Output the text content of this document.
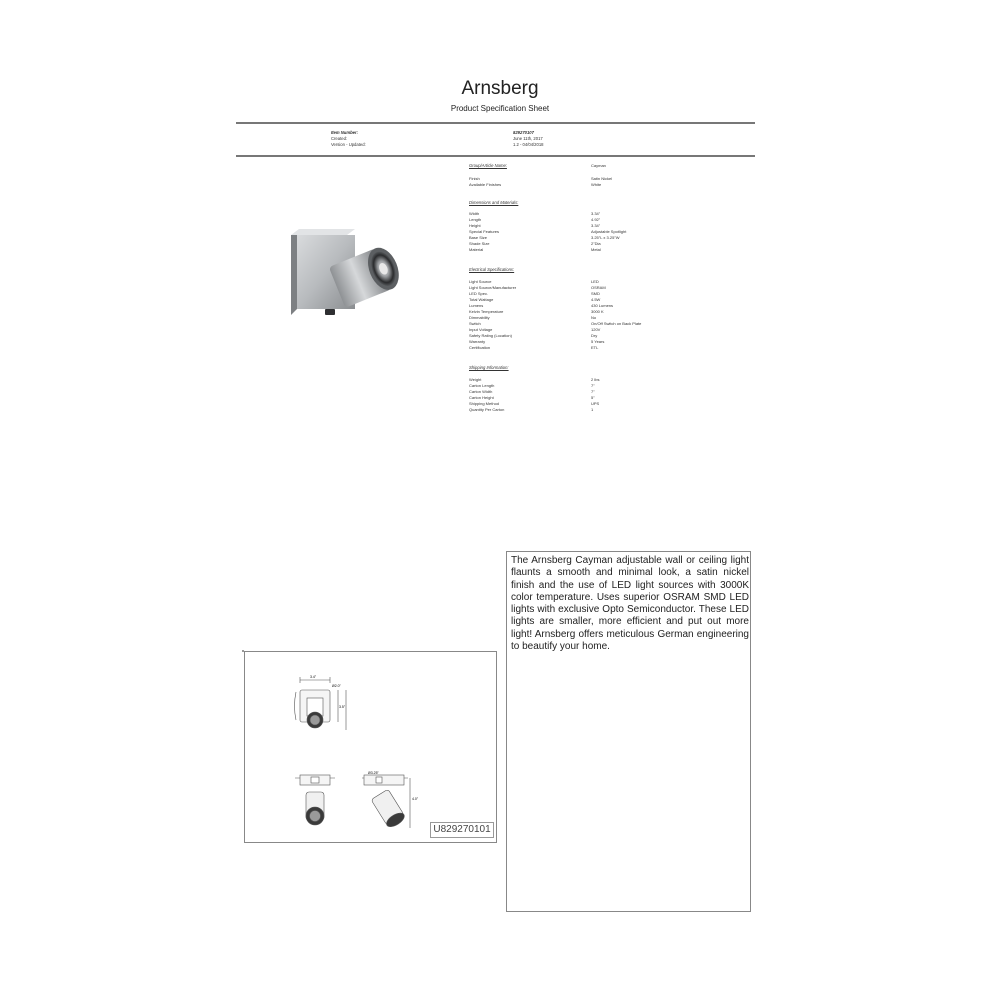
Arnsberg
Product Specification Sheet
Item Number:	829270107
Created:	June 11th, 2017
Version - Updated:	1.2 - 04/04/2018
Group/Article Name:	Cayman
Finish	Satin Nickel
Available Finishes	White
Dimensions and Materials:
Width	3.34"
Length	4.92"
Height	3.34"
Special Features	Adjustable Spotlight
Base Size	3.25"L x 3.25"W
Shade Size	2"Dia
Material	Metal
Electrical Specifications:
Light Source	LED
Light Source/Manufacturer	OSRAM
LED Spec.	SMD
Total Wattage	4.5W
Lumens	430 Lumens
Kelvin Temperature	3000 K
Dimmability	No
Switch	On/Off Switch on Back Plate
Input Voltage	120V
Safety Rating (Location)	Dry
Warranty	5 Years
Certification	ETL
Shipping Information:
Weight	2 lbs
Carton Length	7"
Carton Width	7"
Carton Height	5"
Shipping Method	UPS
Quantity Per Carton	1
The Arnsberg Cayman adjustable wall or ceiling light flaunts a smooth and minimal look, a satin nickel finish and the use of LED light sources with 3000K color temperature. Uses superior OSRAM SMD LED lights with exclusive Opto Semiconductor. These LED lights are smaller, more efficient and put out more light! Arnsberg offers meticulous German engineering to beautify your home.
3.4"
Ø2.0"
3.5"
Ø3.25"
4.0"
U829270101
